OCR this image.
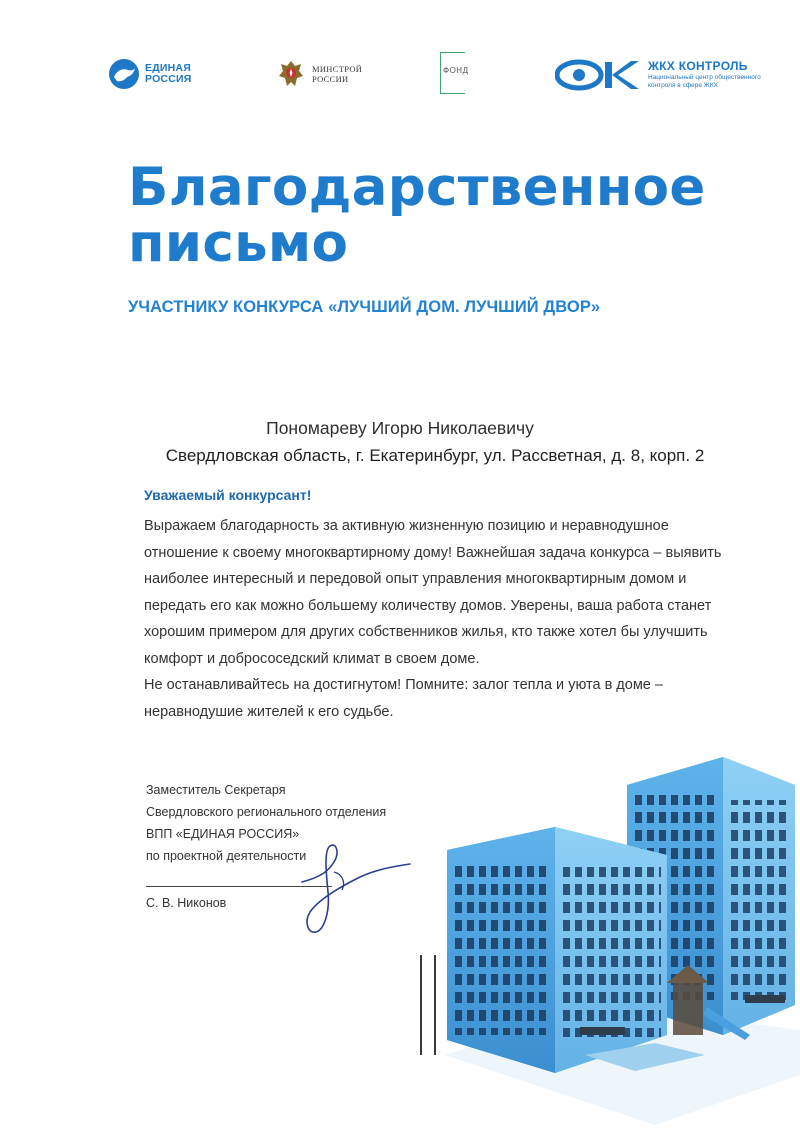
ЕДИНАЯ
РОССИЯ
МИНСТРОЙ
РОССИИ
ФОНД	ЖКХ КОНТРОЛЬ
Национальный центр общественного контроля в сфере ЖКХ
Благодарственное
письмо
УЧАСТНИКУ КОНКУРСА «ЛУЧШИЙ ДОМ. ЛУЧШИЙ ДВОР»
Пономареву Игорю Николаевичу
Свердловская область, г. Екатеринбург, ул. Рассветная, д. 8, корп. 2
Уважаемый конкурсант!

Выражаем благодарность за активную жизненную позицию и неравнодушное отношение к своему многоквартирному дому! Важнейшая задача конкурса – выявить наиболее интересный и передовой опыт управления многоквартирным домом и передать его как можно большему количеству домов. Уверены, ваша работа станет хорошим примером для других собственников жилья, кто также хотел бы улучшить комфорт и добрососедский климат в своем доме.

Не останавливайтесь на достигнутом! Помните: залог тепла и уюта в доме – неравнодушие жителей к его судьбе.

Заместитель Секретаря
Свердловского регионального отделения
ВПП «ЕДИНАЯ РОССИЯ»
по проектной деятельности
С. В. Никонов
